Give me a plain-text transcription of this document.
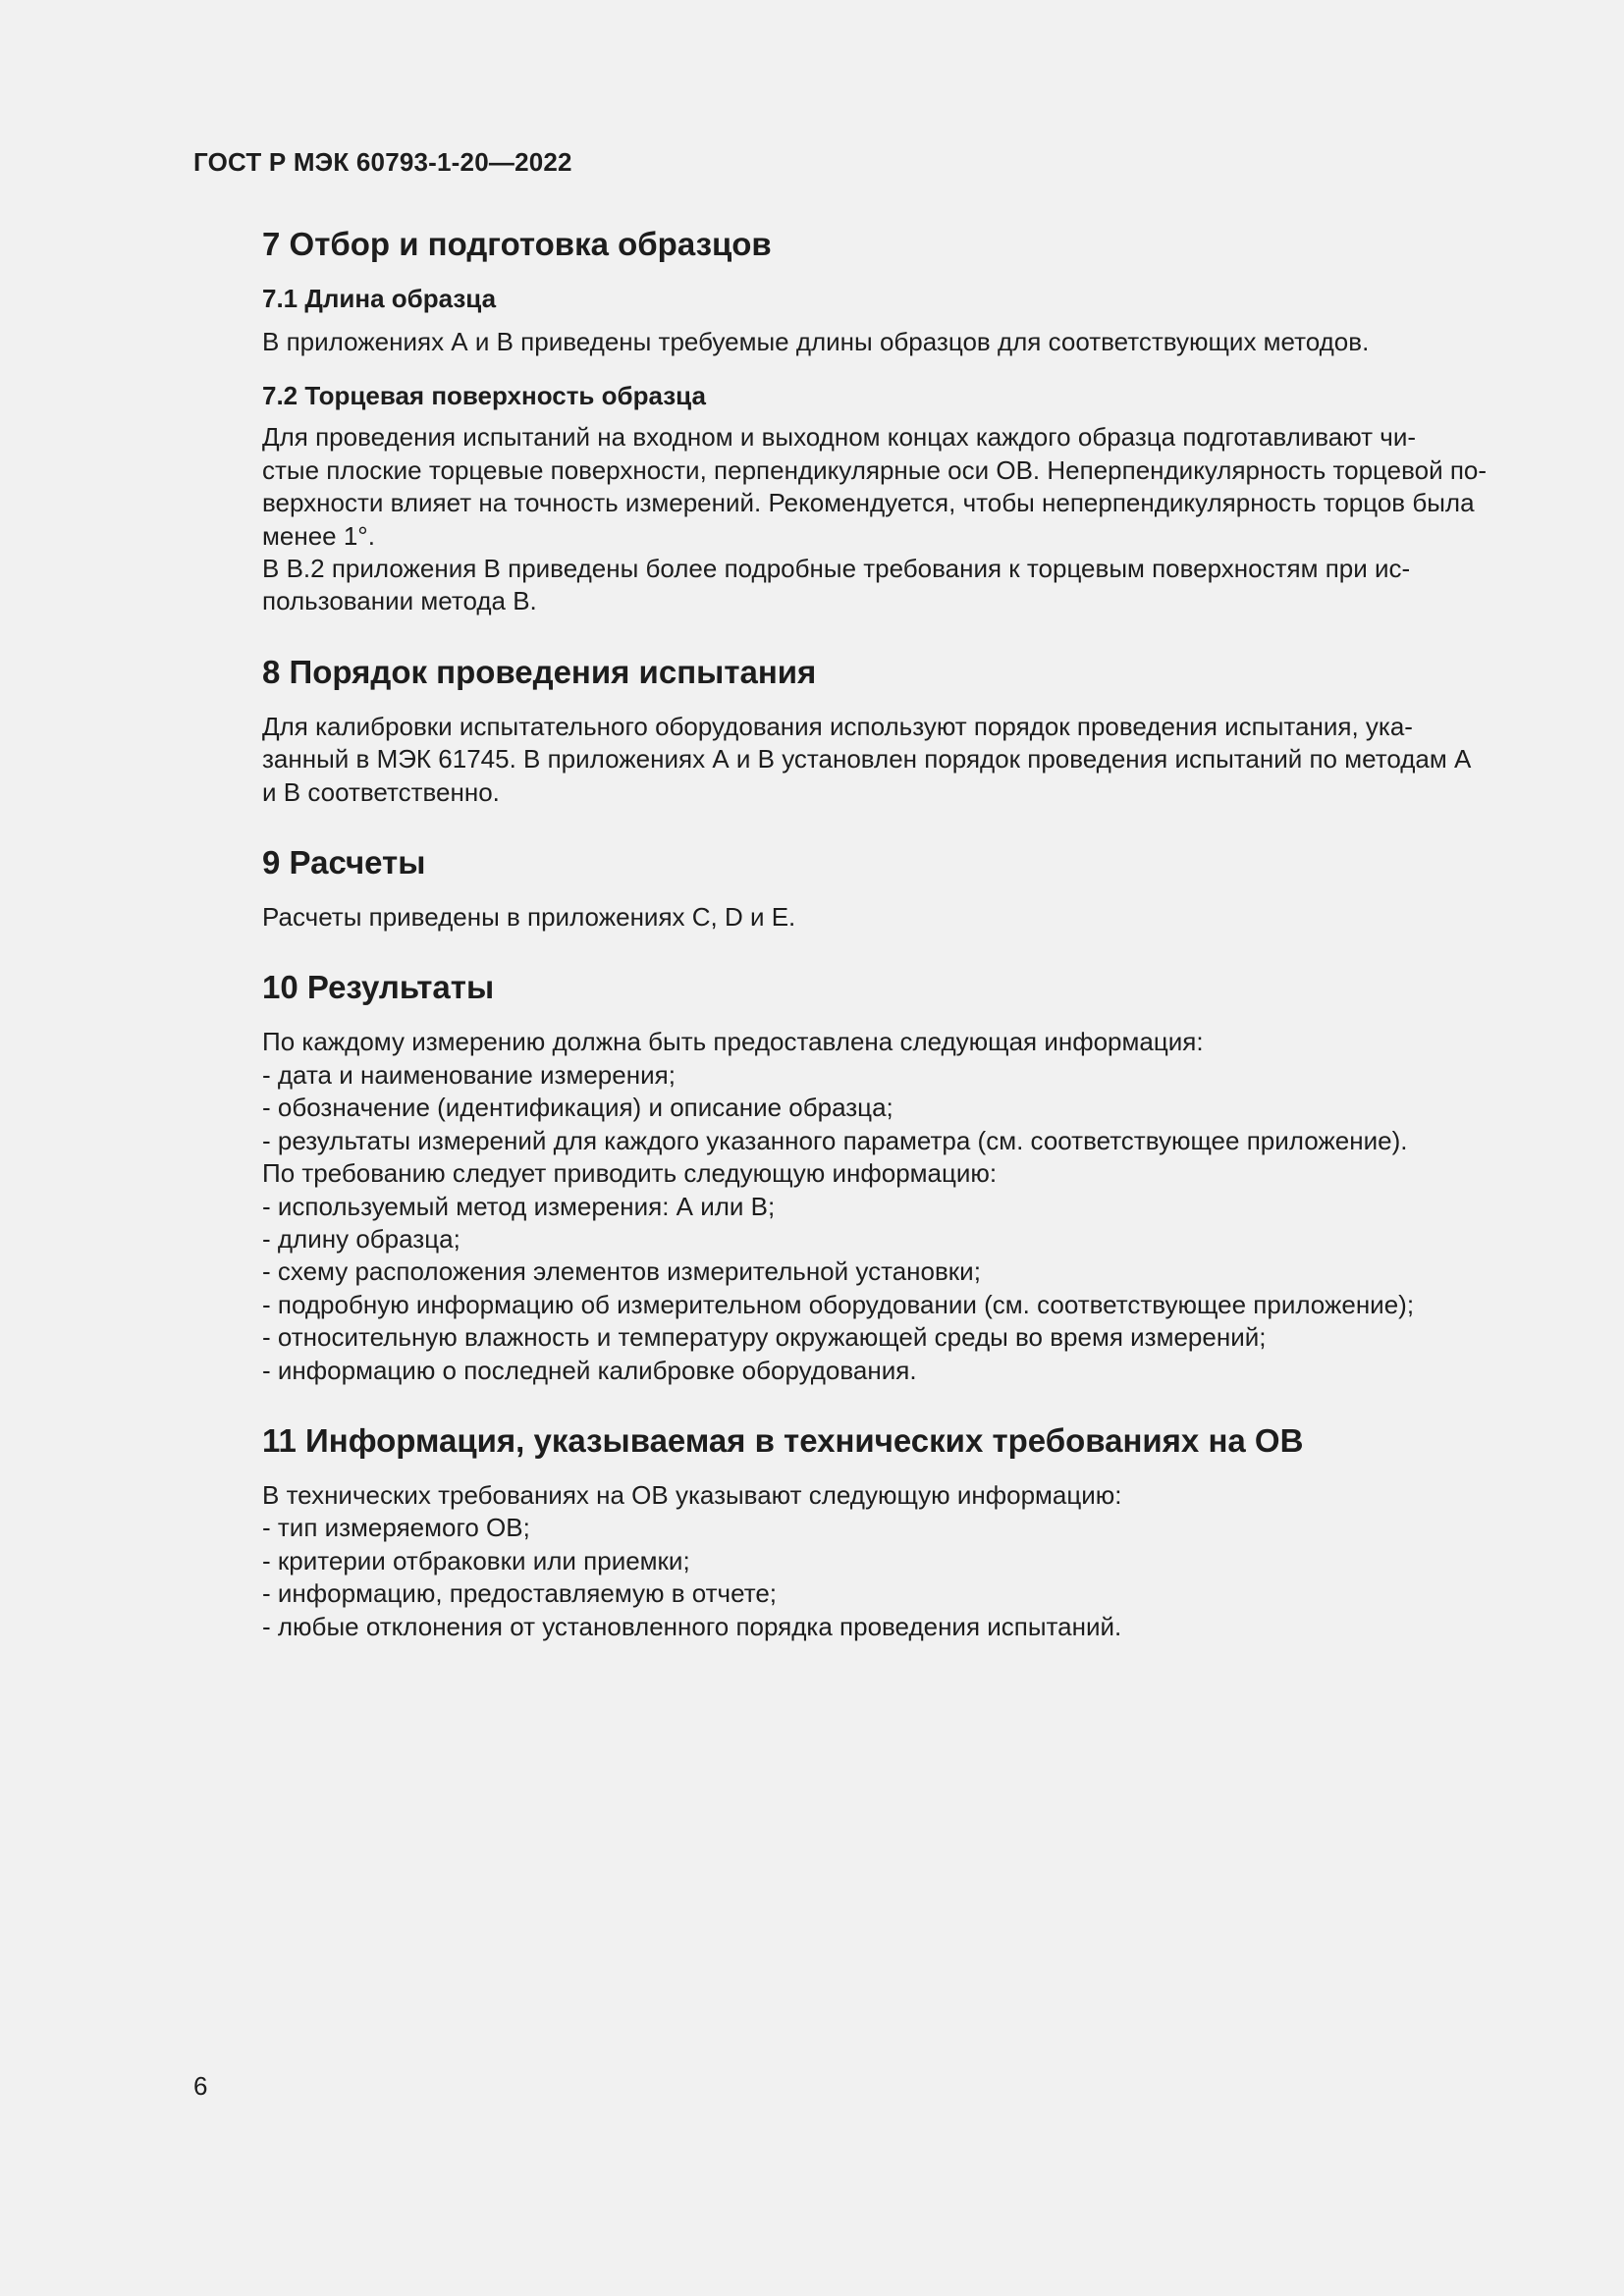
ГОСТ Р МЭК 60793-1-20—2022
7 Отбор и подготовка образцов
7.1 Длина образца

В приложениях А и В приведены требуемые длины образцов для соответствующих методов.

7.2 Торцевая поверхность образца
Для проведения испытаний на входном и выходном концах каждого образца подготавливают чи-
стые плоские торцевые поверхности, перпендикулярные оси ОВ. Неперпендикулярность торцевой по-
верхности влияет на точность измерений. Рекомендуется, чтобы неперпендикулярность торцов была
менее 1°.
В В.2 приложения В приведены более подробные требования к торцевым поверхностям при ис-
пользовании метода В.
8 Порядок проведения испытания
Для калибровки испытательного оборудования используют порядок проведения испытания, ука-
занный в МЭК 61745. В приложениях А и В установлен порядок проведения испытаний по методам А
и В соответственно.
9 Расчеты

Расчеты приведены в приложениях С, D и Е.

10 Результаты
По каждому измерению должна быть предоставлена следующая информация:
- дата и наименование измерения;
- обозначение (идентификация) и описание образца;
- результаты измерений для каждого указанного параметра (см. соответствующее приложение).
По требованию следует приводить следующую информацию:
- используемый метод измерения: А или В;
- длину образца;
- схему расположения элементов измерительной установки;
- подробную информацию об измерительном оборудовании (см. соответствующее приложение);
- относительную влажность и температуру окружающей среды во время измерений;
- информацию о последней калибровке оборудования.
11 Информация, указываемая в технических требованиях на ОВ
В технических требованиях на ОВ указывают следующую информацию:
- тип измеряемого ОВ;
- критерии отбраковки или приемки;
- информацию, предоставляемую в отчете;
- любые отклонения от установленного порядка проведения испытаний.
6
